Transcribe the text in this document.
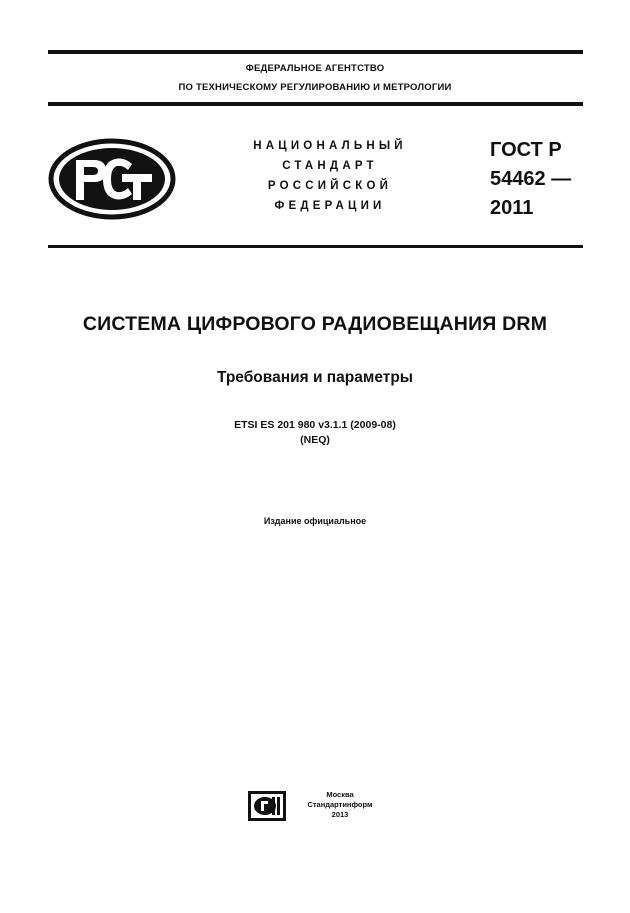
ФЕДЕРАЛЬНОЕ АГЕНТСТВО
ПО ТЕХНИЧЕСКОМУ РЕГУЛИРОВАНИЮ И МЕТРОЛОГИИ
НАЦИОНАЛЬНЫЙ
СТАНДАРТ
РОССИЙСКОЙ
ФЕДЕРАЦИИ
ГОСТ Р
54462 —
2011
СИСТЕМА ЦИФРОВОГО РАДИОВЕЩАНИЯ DRM
Требования и параметры
ETSI ES 201 980 v3.1.1 (2009-08)
(NEQ)
Издание официальное
Москва
Стандартинформ
2013
